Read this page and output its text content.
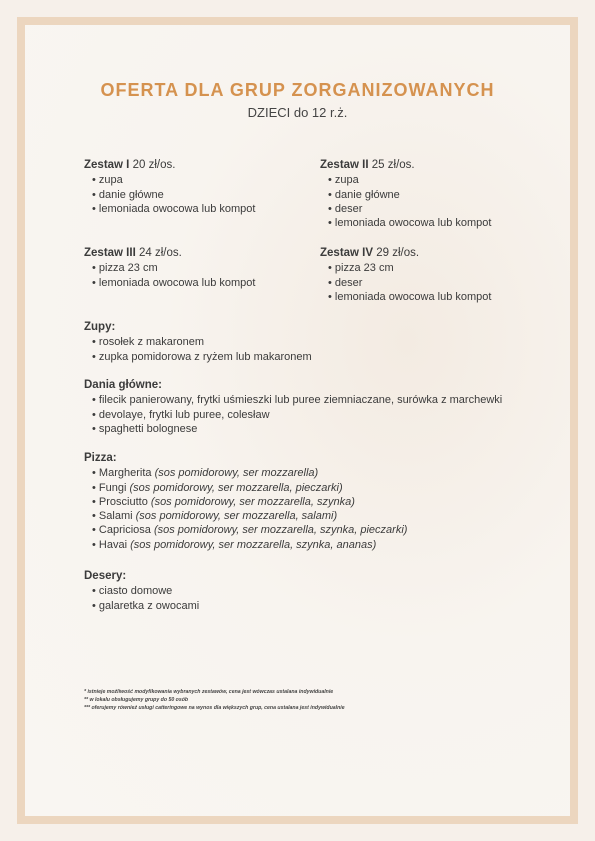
OFERTA DLA GRUP ZORGANIZOWANYCH
DZIECI do 12 r.ż.
Zestaw I 20 zł/os.
• zupa
• danie główne
• lemoniada owocowa lub kompot
Zestaw II 25 zł/os.
• zupa
• danie główne
• deser
• lemoniada owocowa lub kompot
Zestaw III 24 zł/os.
• pizza 23 cm
• lemoniada owocowa lub kompot
Zestaw IV 29 zł/os.
• pizza 23 cm
• deser
• lemoniada owocowa lub kompot
Zupy:
• rosołek z makaronem
• zupka pomidorowa z ryżem lub makaronem
Dania główne:
• filecik panierowany, frytki uśmieszki lub puree ziemniaczane, surówka z marchewki
• devolaye, frytki lub puree, colesław
• spaghetti bolognese
Pizza:
• Margherita (sos pomidorowy, ser mozzarella)
• Fungi (sos pomidorowy, ser mozzarella, pieczarki)
• Prosciutto (sos pomidorowy, ser mozzarella, szynka)
• Salami (sos pomidorowy, ser mozzarella, salami)
• Capriciosa (sos pomidorowy, ser mozzarella, szynka, pieczarki)
• Havai (sos pomidorowy, ser mozzarella, szynka, ananas)
Desery:
• ciasto domowe
• galaretka z owocami
* istnieje możliwość modyfikowania wybranych zestawów, cena jest wówczas ustalana indywidualnie
** w lokalu obsługujemy grupy do 50 osób
*** oferujemy również usługi catteringowe na wynos dla większych grup, cena ustalana jest indywidualnie
